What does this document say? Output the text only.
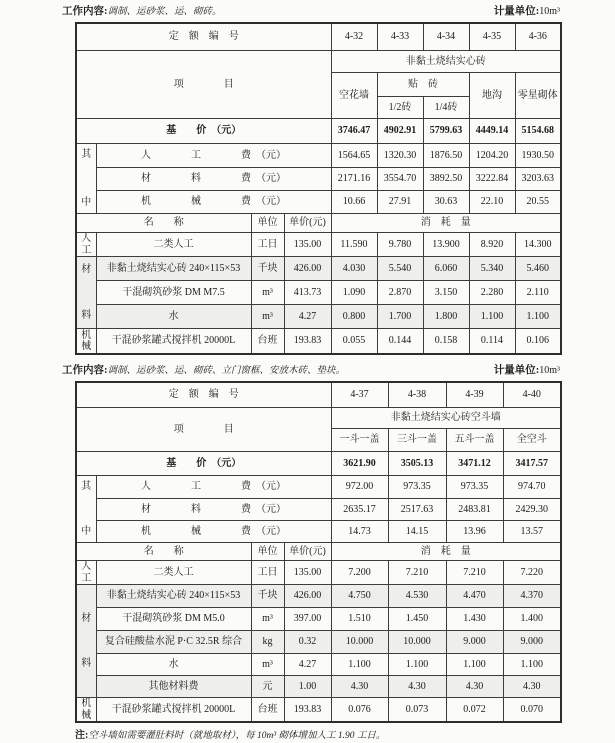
工作内容:调制、运砂浆、运、砌砖。	计量单位:10m³
定　额　编　号				4-32	4-33	4-34	4-35	4-36
项　　　　目				非黏土烧结实心砖				
				空花墙	贴　砖		地沟	零星砌体
					1/2砖	1/4砖		
基　　价　（元）				3746.47	4902.91	5799.63	4449.14	5154.68

其
中	人　　　　工　　　　费　（元）			1564.65	1320.30	1876.50	1204.20	1930.50
	材　　　　料　　　　费　（元）			2171.16	3554.70	3892.50	3222.84	3203.63
	机　　　　械　　　　费　（元）			10.66	27.91	30.63	22.10	20.55
名　　称		单位	单价(元)	消　耗　量				
人工	二类人工	工日	135.00	11.590	9.780	13.900	8.920	14.300

材
料	非黏土烧结实心砖 240×115×53	千块	426.00	4.030	5.540	6.060	5.340	5.460
	干混砌筑砂浆 DM M7.5	m³	413.73	1.090	2.870	3.150	2.280	2.110
	水	m³	4.27	0.800	1.700	1.800	1.100	1.100
机械	干混砂浆罐式搅拌机 20000L	台班	193.83	0.055	0.144	0.158	0.114	0.106
工作内容:调制、运砂浆、运、砌砖、立门窗框、安放木砖、垫块。	计量单位:10m³
定　额　编　号				4-37	4-38	4-39	4-40
项　　　　目				非黏土烧结实心砖空斗墙			
				一斗一盖	三斗一盖	五斗一盖	全空斗
基　　价　（元）				3621.90	3505.13	3471.12	3417.57

其
中	人　　　　工　　　　费　（元）			972.00	973.35	973.35	974.70
	材　　　　料　　　　费　（元）			2635.17	2517.63	2483.81	2429.30
	机　　　　械　　　　费　（元）			14.73	14.15	13.96	13.57
名　　称		单位	单价(元)	消　耗　量			
人工	二类人工	工日	135.00	7.200	7.210	7.210	7.220

材
料	非黏土烧结实心砖 240×115×53	千块	426.00	4.750	4.530	4.470	4.370
	干混砌筑砂浆 DM M5.0	m³	397.00	1.510	1.450	1.430	1.400
	复合硅酸盐水泥 P·C 32.5R 综合	kg	0.32	10.000	10.000	9.000	9.000
	水	m³	4.27	1.100	1.100	1.100	1.100
	其他材料费	元	1.00	4.30	4.30	4.30	4.30
机械	干混砂浆罐式搅拌机 20000L	台班	193.83	0.076	0.073	0.072	0.070
注:空斗墙如需要灌肚料时（就地取材），每 10m³ 砌体增加人工 1.90 工日。
